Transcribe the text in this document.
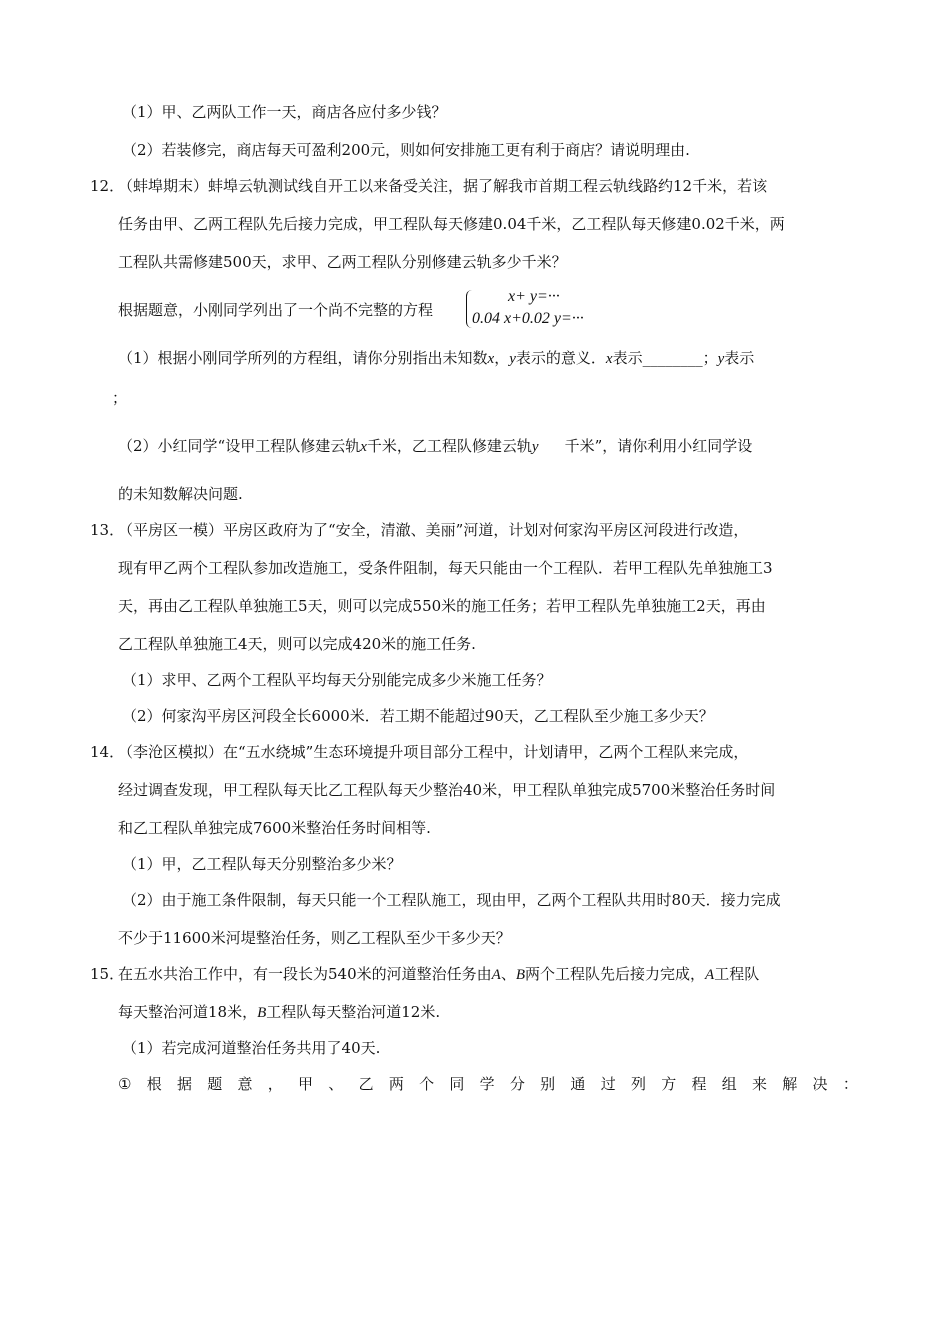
（1）甲、乙两队工作一天，商店各应付多少钱？
（2）若装修完，商店每天可盈利200元，则如何安排施工更有利于商店？请说明理由.
12．
（蚌埠期末）蚌埠云轨测试线自开工以来备受关注，据了解我市首期工程云轨线路约12千米，若该
任务由甲、乙两工程队先后接力完成，甲工程队每天修建0.04千米，乙工程队每天修建0.02千米，两
工程队共需修建500天，求甲、乙两工程队分别修建云轨多少千米？
根据题意，小刚同学列出了一个尚不完整的方程
x+ y=···
0.04 x+0.02 y=···
（1）根据小刚同学所列的方程组，请你分别指出未知数x，y表示的意义．x表示________；y表示
；
（2）小红同学“设甲工程队修建云轨x千米，乙工程队修建云轨y 千米”，请你利用小红同学设
的未知数解决问题.
13．
（平房区一模）平房区政府为了“安全，清澈、美丽”河道，计划对何家沟平房区河段进行改造，
现有甲乙两个工程队参加改造施工，受条件阻制，每天只能由一个工程队．若甲工程队先单独施工3
天，再由乙工程队单独施工5天，则可以完成550米的施工任务；若甲工程队先单独施工2天，再由
乙工程队单独施工4天，则可以完成420米的施工任务.
（1）求甲、乙两个工程队平均每天分别能完成多少米施工任务？
（2）何家沟平房区河段全长6000米．若工期不能超过90天，乙工程队至少施工多少天？
14．
（李沧区模拟）在“五水绕城”生态环境提升项目部分工程中，计划请甲，乙两个工程队来完成，
经过调查发现，甲工程队每天比乙工程队每天少整治40米，甲工程队单独完成5700米整治任务时间
和乙工程队单独完成7600米整治任务时间相等.
（1）甲，乙工程队每天分别整治多少米？
（2）由于施工条件限制，每天只能一个工程队施工，现由甲，乙两个工程队共用时80天．接力完成
不少于11600米河堤整治任务，则乙工程队至少干多少天？
15．
在五水共治工作中，有一段长为540米的河道整治任务由A、B两个工程队先后接力完成，A工程队
每天整治河道18米，B工程队每天整治河道12米.
（1）若完成河道整治任务共用了40天.
① 根 据 题 意 ， 甲 、 乙 两 个 同 学 分 别 通 过 列 方 程 组 来 解 决 ：
